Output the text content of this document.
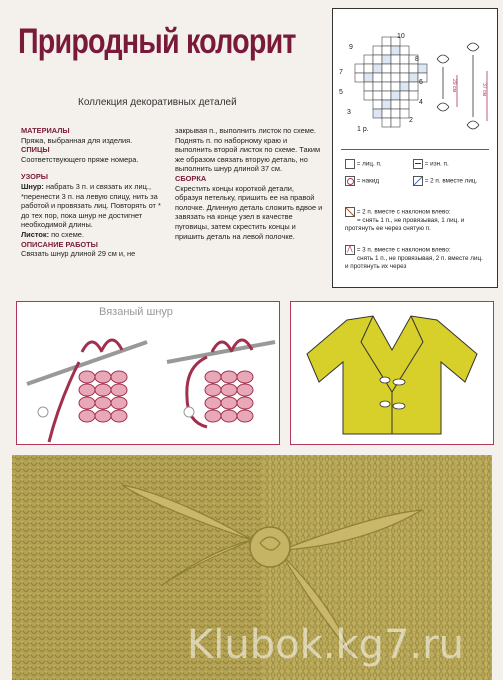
Природный колорит
Коллекция декоративных деталей
МАТЕРИАЛЫ
Пряжа, выбранная для изделия.
СПИЦЫ
Соответствующего пряже номера.
УЗОРЫ
Шнур: набрать 3 п. и связать их лиц., *перенести 3 п. на левую спицу, нить за работой и провязать лиц. Повторять от * до тех пор, пока шнур не достигнет необходимой длины.
Листок: по схеме.
ОПИСАНИЕ РАБОТЫ
Связать шнур длиной 29 см и, не
закрывая п., выполнить листок по схеме. Поднять п. по наборному краю и выполнить второй листок по схеме. Таким же образом связать вторую деталь, но выполнить шнур длиной 37 см.
СБОРКА
Скрестить концы короткой детали, образуя петельку, пришить ее на правой полочке. Длинную деталь сложить вдвое и завязать на конце узел в качестве пуговицы, затем скрестить концы и пришить деталь на левой полочке.
10
9
8
7
6
5
4
3
2
1 р.
29 см	37 см
= лиц. п.	= изн. п.
= накид	= 2 п. вместе лиц.
= 2 п. вместе с наклоном влево:
= снять 1 п., не провязывая, 1 лиц. и протянуть ее через снятую п.
⋀ = 3 п. вместе с наклоном влево:
снять 1 п., не провязывая, 2 п. вместе лиц. и протянуть их через
Вязаный шнур
Klubok.kg7.ru
